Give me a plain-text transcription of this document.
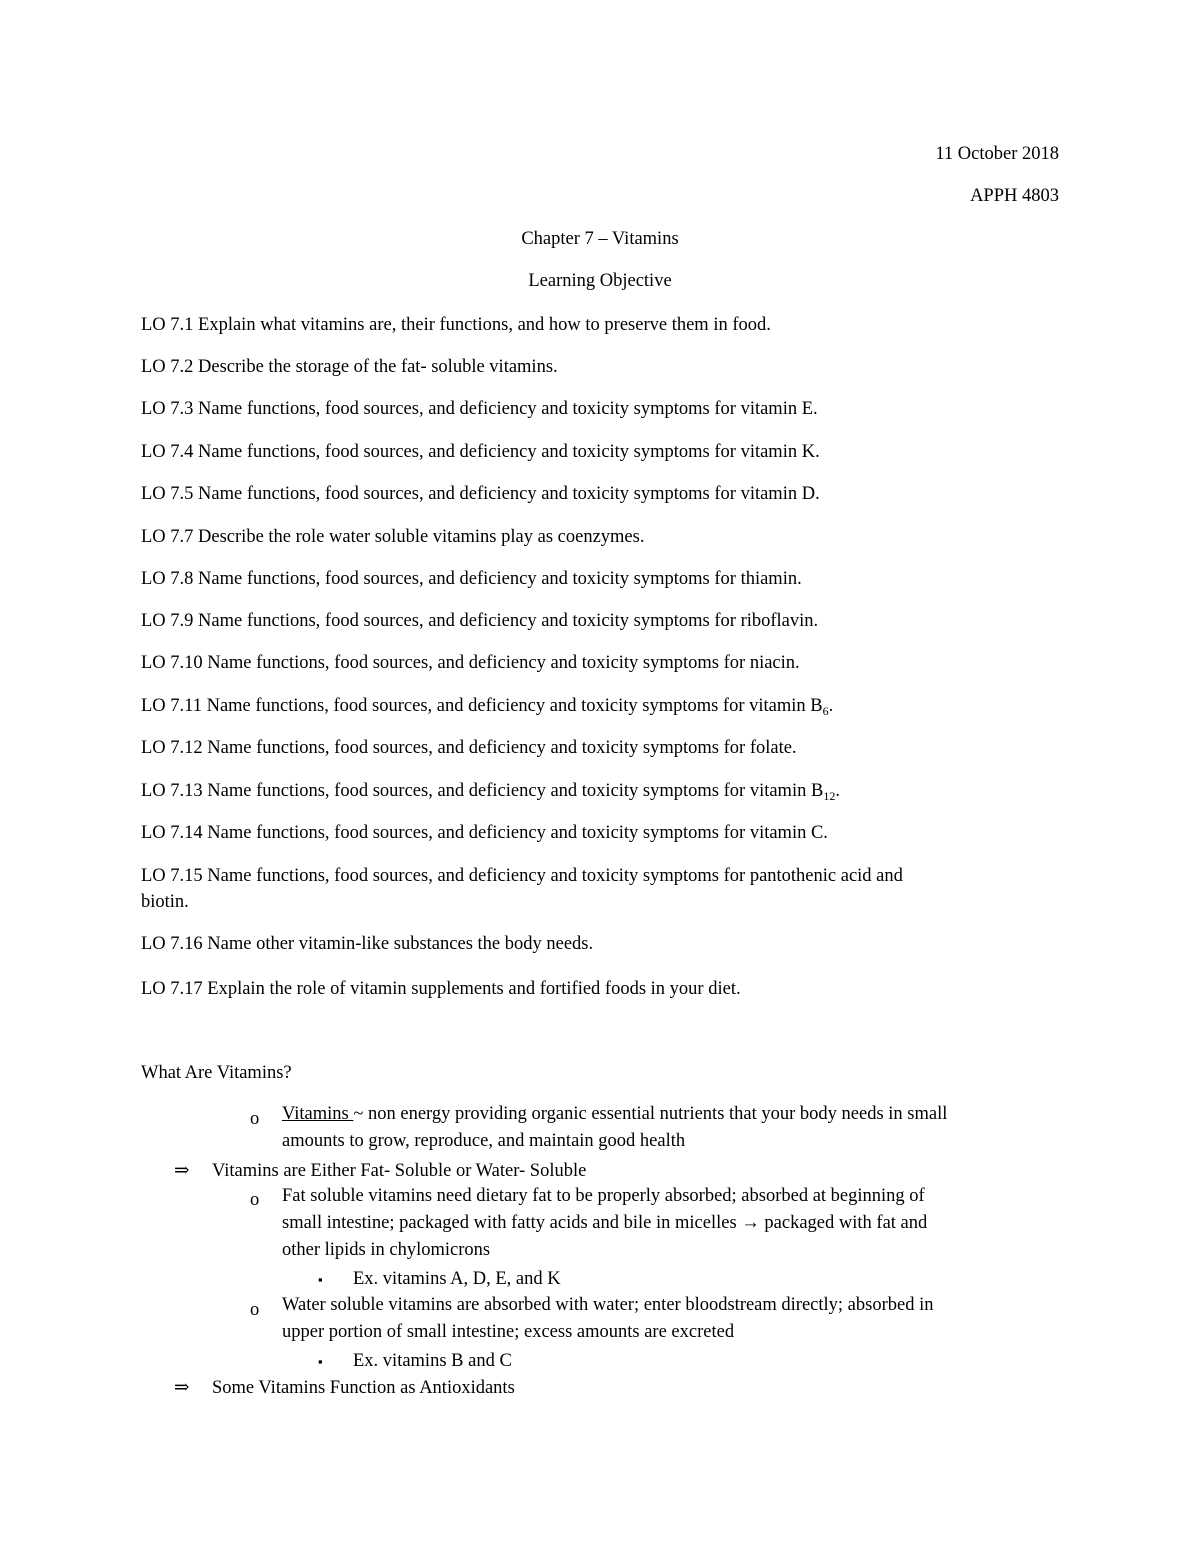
11 October 2018
APPH 4803
Chapter 7 – Vitamins
Learning Objective
LO 7.1 Explain what vitamins are, their functions, and how to preserve them in food.
LO 7.2 Describe the storage of the fat- soluble vitamins.
LO 7.3 Name functions, food sources, and deficiency and toxicity symptoms for vitamin E.
LO 7.4 Name functions, food sources, and deficiency and toxicity symptoms for vitamin K.
LO 7.5 Name functions, food sources, and deficiency and toxicity symptoms for vitamin D.
LO 7.7 Describe the role water soluble vitamins play as coenzymes.
LO 7.8 Name functions, food sources, and deficiency and toxicity symptoms for thiamin.
LO 7.9 Name functions, food sources, and deficiency and toxicity symptoms for riboflavin.
LO 7.10 Name functions, food sources, and deficiency and toxicity symptoms for niacin.
LO 7.11 Name functions, food sources, and deficiency and toxicity symptoms for vitamin $B_6$.
LO 7.12 Name functions, food sources, and deficiency and toxicity symptoms for folate.
LO 7.13 Name functions, food sources, and deficiency and toxicity symptoms for vitamin $B_{12}$.
LO 7.14 Name functions, food sources, and deficiency and toxicity symptoms for vitamin C.
LO 7.15 Name functions, food sources, and deficiency and toxicity symptoms for pantothenic acid and
biotin.
LO 7.16 Name other vitamin-like substances the body needs.
LO 7.17 Explain the role of vitamin supplements and fortified foods in your diet.
What Are Vitamins?
o Vitamins ~ non energy providing organic essential nutrients that your body needs in small
amounts to grow, reproduce, and maintain good health
⇒ Vitamins are Either Fat- Soluble or Water- Soluble
o Fat soluble vitamins need dietary fat to be properly absorbed; absorbed at beginning of
small intestine; packaged with fatty acids and bile in micelles → packaged with fat and
other lipids in chylomicrons
▪ Ex. vitamins A, D, E, and K
o Water soluble vitamins are absorbed with water; enter bloodstream directly; absorbed in
upper portion of small intestine; excess amounts are excreted
▪ Ex. vitamins B and C
⇒ Some Vitamins Function as Antioxidants
